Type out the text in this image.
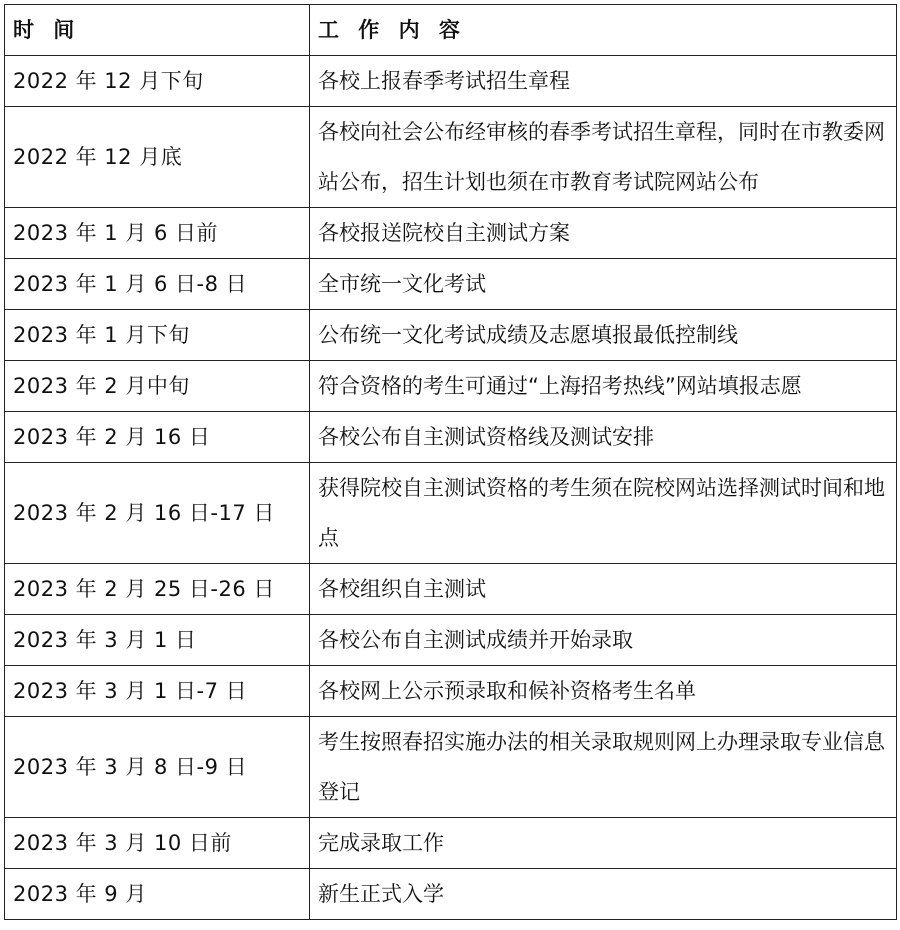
时 间	工 作 内 容
2022 年 12 月下旬	各校上报春季考试招生章程
2022 年 12 月底	各校向社会公布经审核的春季考试招生章程，同时在市教委网站公布，招生计划也须在市教育考试院网站公布
2023 年 1 月 6 日前	各校报送院校自主测试方案
2023 年 1 月 6 日-8 日	全市统一文化考试
2023 年 1 月下旬	公布统一文化考试成绩及志愿填报最低控制线
2023 年 2 月中旬	符合资格的考生可通过“上海招考热线”网站填报志愿
2023 年 2 月 16 日	各校公布自主测试资格线及测试安排
2023 年 2 月 16 日-17 日	获得院校自主测试资格的考生须在院校网站选择测试时间和地点
2023 年 2 月 25 日-26 日	各校组织自主测试
2023 年 3 月 1 日	各校公布自主测试成绩并开始录取
2023 年 3 月 1 日-7 日	各校网上公示预录取和候补资格考生名单
2023 年 3 月 8 日-9 日	考生按照春招实施办法的相关录取规则网上办理录取专业信息登记
2023 年 3 月 10 日前	完成录取工作
2023 年 9 月	新生正式入学
